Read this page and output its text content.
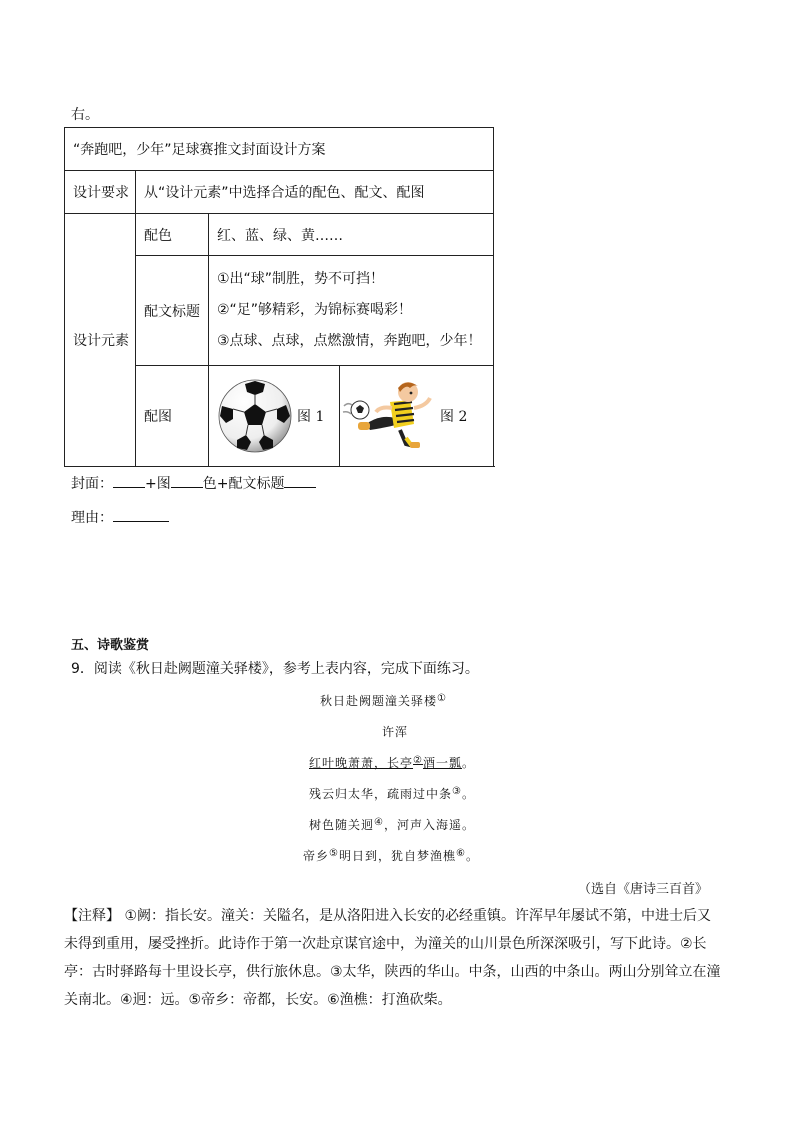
右。
“奔跑吧，少年”足球赛推文封面设计方案			
设计要求	从“设计元素”中选择合适的配色、配文、配图		
设计元素	配色	红、蓝、绿、黄……	
	配文标题	①出“球”制胜，势不可挡！
②“足”够精彩，为锦标赛喝彩！
③点球、点球，点燃激情，奔跑吧，少年！	

	配图	图 1	图 2
封面： +图 色+配文标题
理由：
五、诗歌鉴赏
9．阅读《秋日赴阙题潼关驿楼》，参考上表内容，完成下面练习。
秋日赴阙题潼关驿楼①
许浑
红叶晚萧萧，长亭②酒一瓢。
残云归太华，疏雨过中条③。
树色随关迥④，河声入海遥。
帝乡⑤明日到，犹自梦渔樵⑥。
（选自《唐诗三百首》
【注释】 ①阙：指长安。潼关：关隘名，是从洛阳进入长安的必经重镇。许浑早年屡试不第，中进士后又未得到重用，屡受挫折。此诗作于第一次赴京谋官途中，为潼关的山川景色所深深吸引，写下此诗。②长亭：古时驿路每十里设长亭，供行旅休息。③太华，陕西的华山。中条，山西的中条山。两山分别耸立在潼关南北。④迥：远。⑤帝乡：帝都，长安。⑥渔樵：打渔砍柴。
